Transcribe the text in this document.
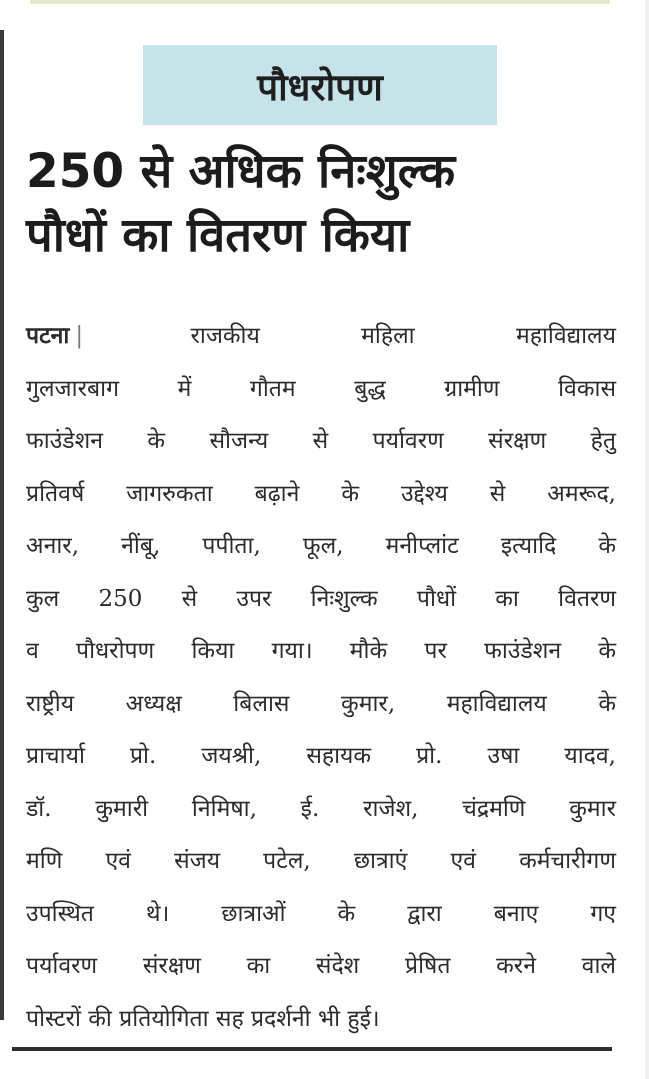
पौधरोपण
250 से अधिक निःशुल्क
पौधों का वितरण किया
पटना |	राजकीय महिला महाविद्यालय
गुलजारबाग में गौतम बुद्ध ग्रामीण विकास
फाउंडेशन के सौजन्य से पर्यावरण संरक्षण हेतु
प्रतिवर्ष जागरुकता बढ़ाने के उद्देश्य से अमरूद,
अनार, नींबू, पपीता, फूल, मनीप्लांट इत्यादि के
कुल 250 से उपर निःशुल्क पौधों का वितरण
व पौधरोपण किया गया। मौके पर फाउंडेशन के
राष्ट्रीय अध्यक्ष बिलास कुमार, महाविद्यालय के
प्राचार्या प्रो. जयश्री, सहायक प्रो. उषा यादव,
डॉ. कुमारी निमिषा, ई. राजेश, चंद्रमणि कुमार
मणि एवं संजय पटेल, छात्राएं एवं कर्मचारीगण
उपस्थित थे। छात्राओं के द्वारा बनाए गए
पर्यावरण संरक्षण का संदेश प्रेषित करने वाले
पोस्टरों की प्रतियोगिता सह प्रदर्शनी भी हुई।
